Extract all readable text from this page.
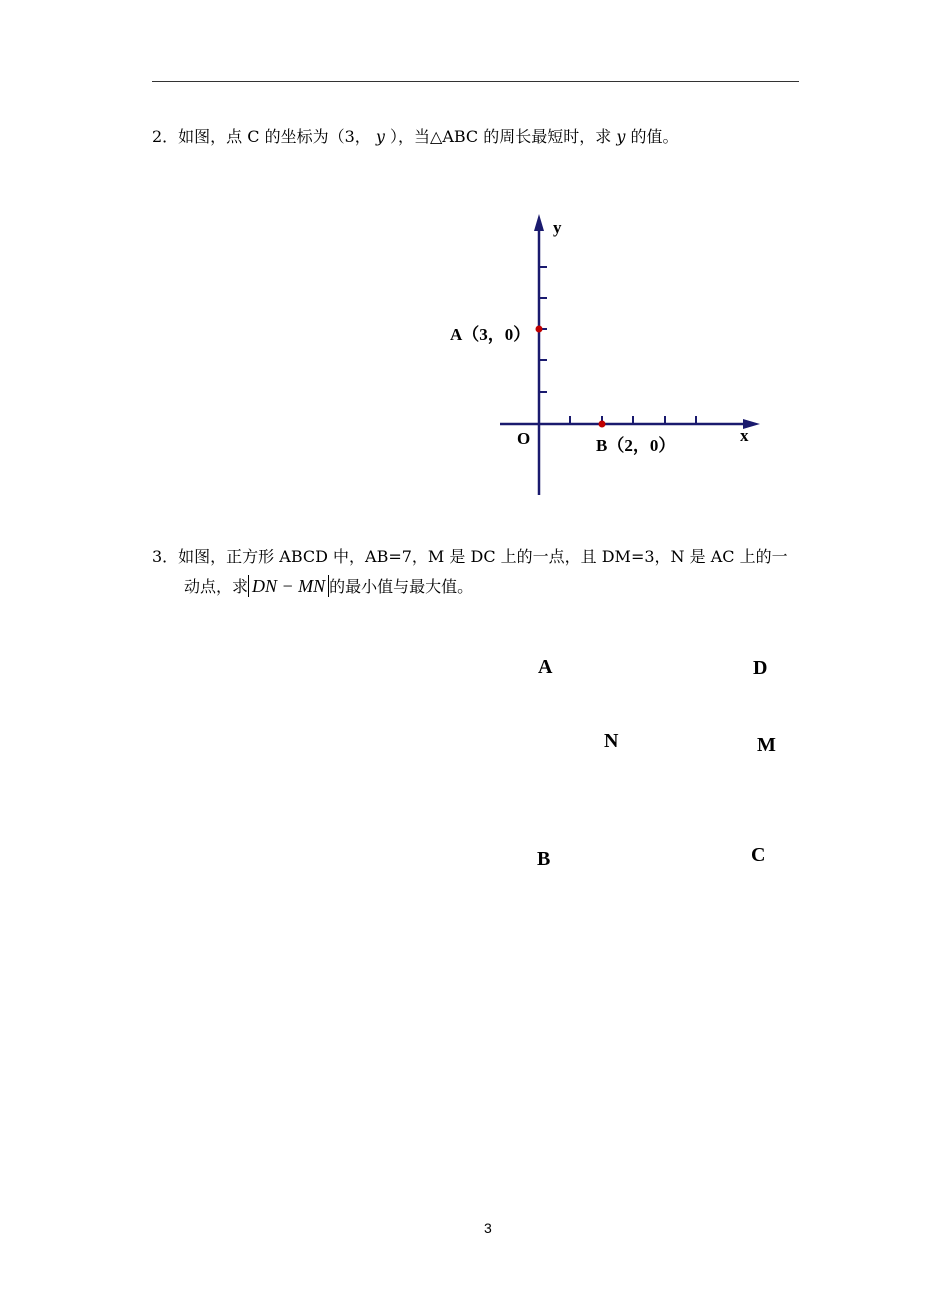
2．如图，点 C 的坐标为（3， y ），当△ABC 的周长最短时，求 y 的值。
y
x
O
A（3，0）
B（2，0）
3．如图，正方形 ABCD 中，AB=7，M 是 DC 上的一点，且 DM=3，N 是 AC 上的一
动点，求 DN − MN 的最小值与最大值。
A	D
N	M
B	C
3
